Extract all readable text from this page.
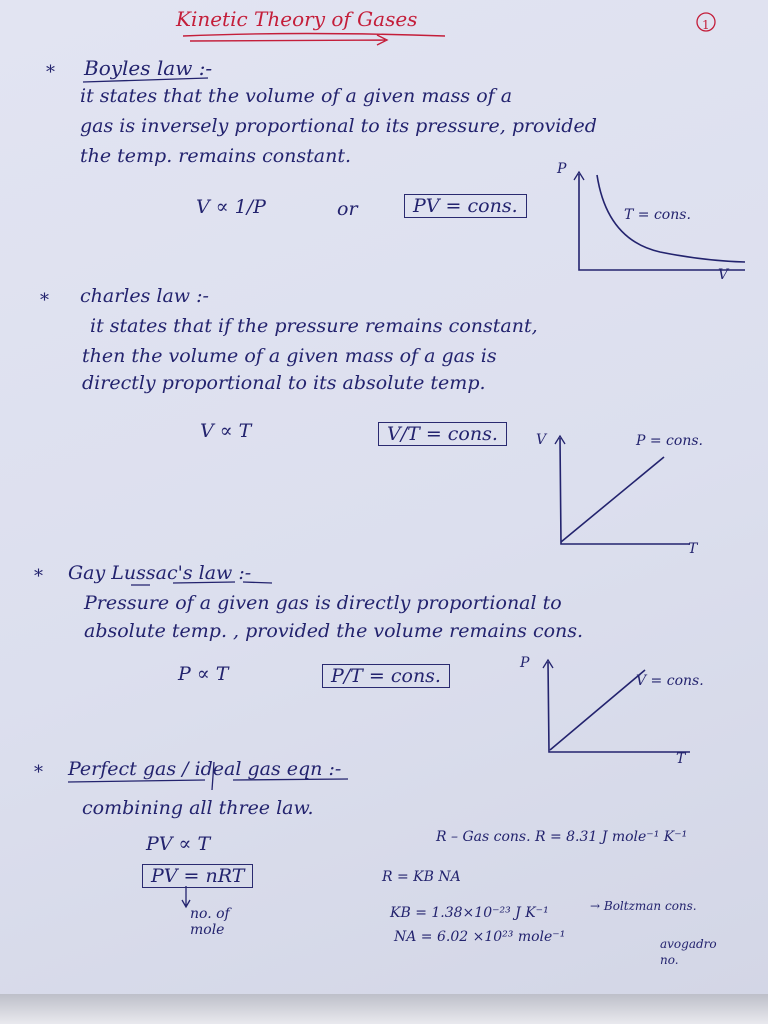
Kinetic Theory of Gases	1
* Boyles law :-
it states that the volume of a given mass of a
gas is inversely proportional to its pressure, provided
the temp. remains constant.
V ∝ 1/P	or	PV = cons.
P
T = cons.
V
* charles law :-
it states that if the pressure remains constant,
then the volume of a given mass of a gas is
directly proportional to its absolute temp.
V ∝ T	V/T = cons.	V	P = cons.
T
* Gay Lussac's law :-
Pressure of a given gas is directly proportional to
absolute temp. , provided the volume remains cons.
P ∝ T	P/T = cons.
P
V = cons.
T
* Perfect gas / ideal gas eqn :-
combining all three law.
PV ∝ T
PV = nRT
no. of mole
R – Gas cons. R = 8.31 J mole⁻¹ K⁻¹
R = KB NA
KB = 1.38×10⁻²³ J K⁻¹	→ Boltzman cons.
NA = 6.02 ×10²³ mole⁻¹	avogadro no.
